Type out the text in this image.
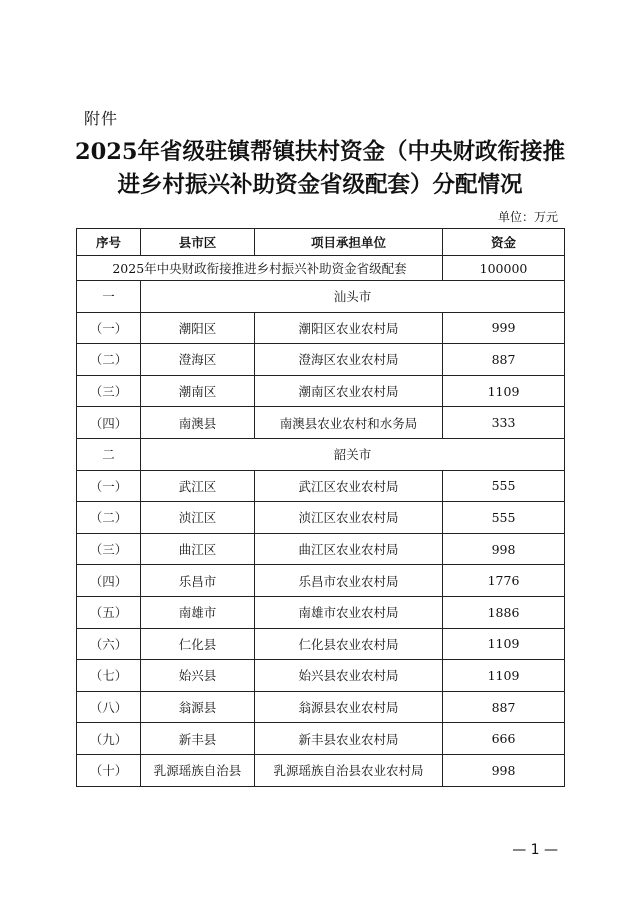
附件
2025年省级驻镇帮镇扶村资金（中央财政衔接推进乡村振兴补助资金省级配套）分配情况
单位：万元
序号	县市区	项目承担单位	资金
2025年中央财政衔接推进乡村振兴补助资金省级配套			100000
一	汕头市		
（一）	潮阳区	潮阳区农业农村局	999
（二）	澄海区	澄海区农业农村局	887
（三）	潮南区	潮南区农业农村局	1109
（四）	南澳县	南澳县农业农村和水务局	333
二	韶关市		
（一）	武江区	武江区农业农村局	555
（二）	浈江区	浈江区农业农村局	555
（三）	曲江区	曲江区农业农村局	998
（四）	乐昌市	乐昌市农业农村局	1776
（五）	南雄市	南雄市农业农村局	1886
（六）	仁化县	仁化县农业农村局	1109
（七）	始兴县	始兴县农业农村局	1109
（八）	翁源县	翁源县农业农村局	887
（九）	新丰县	新丰县农业农村局	666
（十）	乳源瑶族自治县	乳源瑶族自治县农业农村局	998
— 1 —
